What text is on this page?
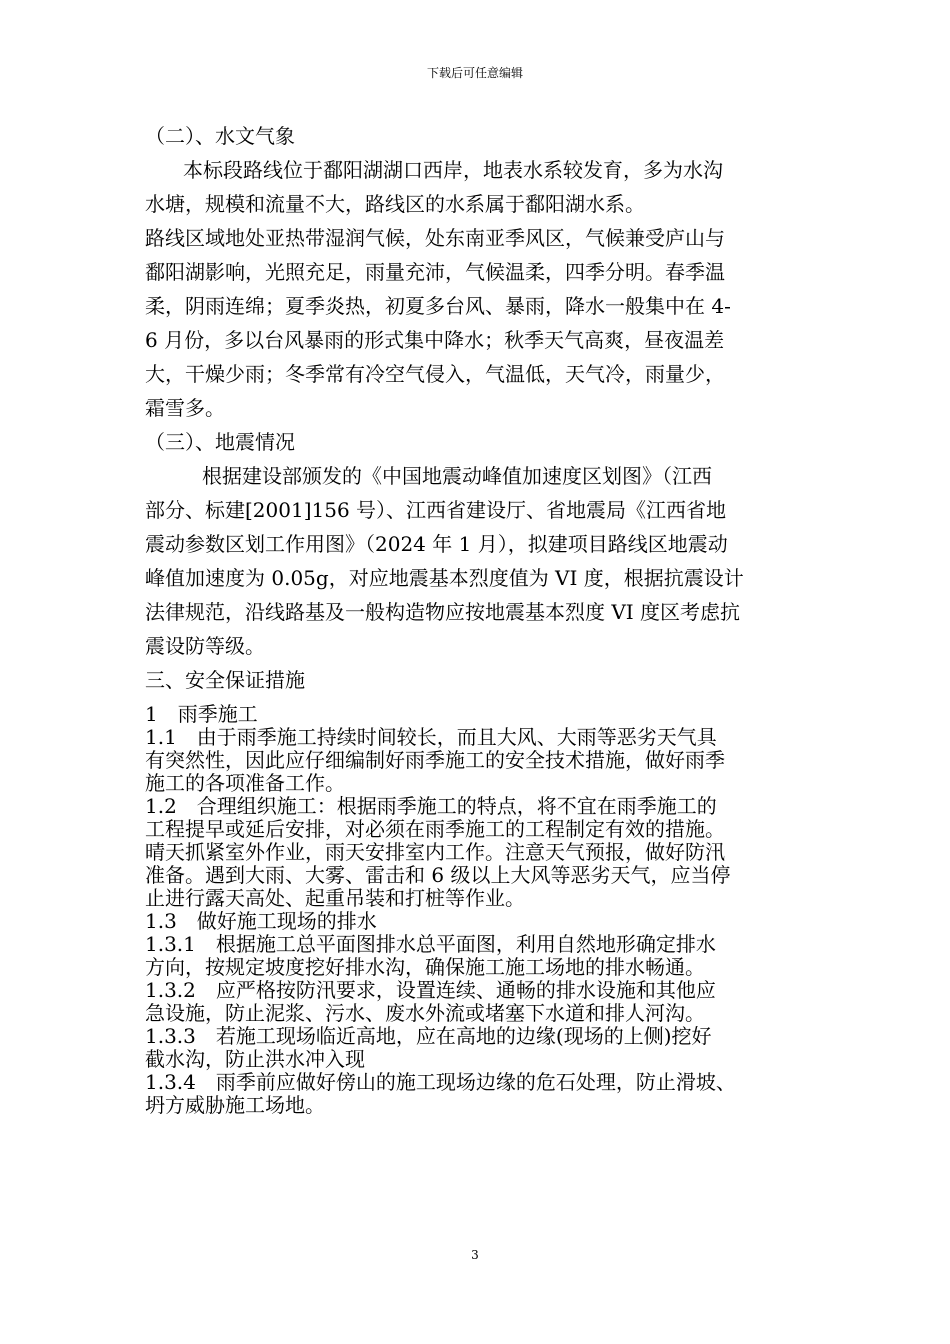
下载后可任意编辑
（二）、水文气象
本标段路线位于鄱阳湖湖口西岸，地表水系较发育，多为水沟
水塘，规模和流量不大，路线区的水系属于鄱阳湖水系。
路线区域地处亚热带湿润气候，处东南亚季风区，气候兼受庐山与
鄱阳湖影响，光照充足，雨量充沛，气候温柔，四季分明。春季温
柔，阴雨连绵；夏季炎热，初夏多台风、暴雨，降水一般集中在 4-
6 月份，多以台风暴雨的形式集中降水；秋季天气高爽，昼夜温差
大，干燥少雨；冬季常有冷空气侵入，气温低，天气冷，雨量少，
霜雪多。
（三）、地震情况
根据建设部颁发的《中国地震动峰值加速度区划图》（江西
部分、标建[2001]156 号）、江西省建设厅、省地震局《江西省地
震动参数区划工作用图》（2024 年 1 月），拟建项目路线区地震动
峰值加速度为 0.05g，对应地震基本烈度值为 VI 度，根据抗震设计
法律规范，沿线路基及一般构造物应按地震基本烈度 VI 度区考虑抗
震设防等级。
三、安全保证措施
1　雨季施工
1.1　由于雨季施工持续时间较长，而且大风、大雨等恶劣天气具
有突然性，因此应仔细编制好雨季施工的安全技术措施，做好雨季
施工的各项准备工作。
1.2　合理组织施工：根据雨季施工的特点，将不宜在雨季施工的
工程提早或延后安排，对必须在雨季施工的工程制定有效的措施。
晴天抓紧室外作业，雨天安排室内工作。注意天气预报，做好防汛
准备。遇到大雨、大雾、雷击和 6 级以上大风等恶劣天气，应当停
止进行露天高处、起重吊装和打桩等作业。
1.3　做好施工现场的排水
1.3.1　根据施工总平面图排水总平面图，利用自然地形确定排水
方向，按规定坡度挖好排水沟，确保施工施工场地的排水畅通。
1.3.2　应严格按防汛要求，设置连续、通畅的排水设施和其他应
急设施，防止泥浆、污水、废水外流或堵塞下水道和排人河沟。
1.3.3　若施工现场临近高地，应在高地的边缘(现场的上侧)挖好
截水沟，防止洪水冲入现
1.3.4　雨季前应做好傍山的施工现场边缘的危石处理，防止滑坡、
坍方威胁施工场地。
3
